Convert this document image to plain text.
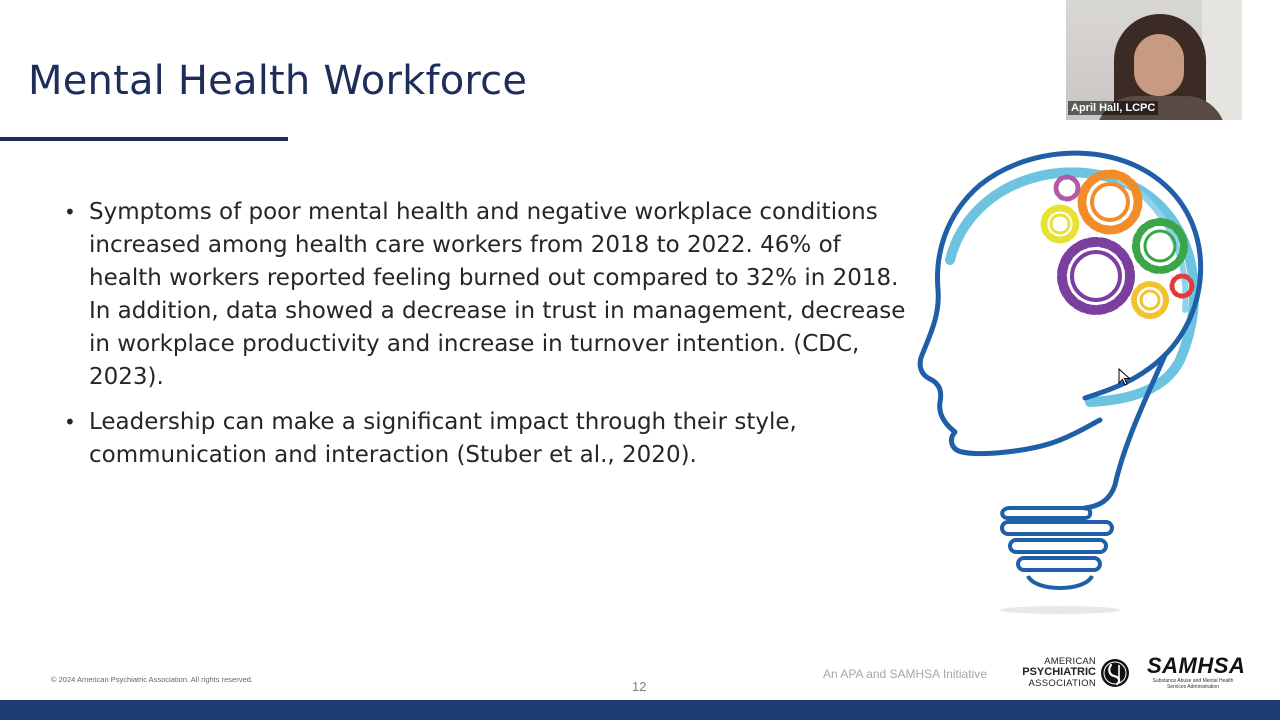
Mental Health Workforce
• Symptoms of poor mental health and negative workplace conditions increased among health care workers from 2018 to 2022. 46% of health workers reported feeling burned out compared to 32% in 2018. In addition, data showed a decrease in trust in management, decrease in workplace productivity and increase in turnover intention. (CDC, 2023).
• Leadership can make a significant impact through their style, communication and interaction (Stuber et al., 2020).
April Hall, LCPC
© 2024 American Psychiatric Association. All rights reserved.	12
An APA and SAMHSA Initiative
AMERICAN
PSYCHIATRIC
ASSOCIATION
SAMHSA
Substance Abuse and Mental Health Services Administration
